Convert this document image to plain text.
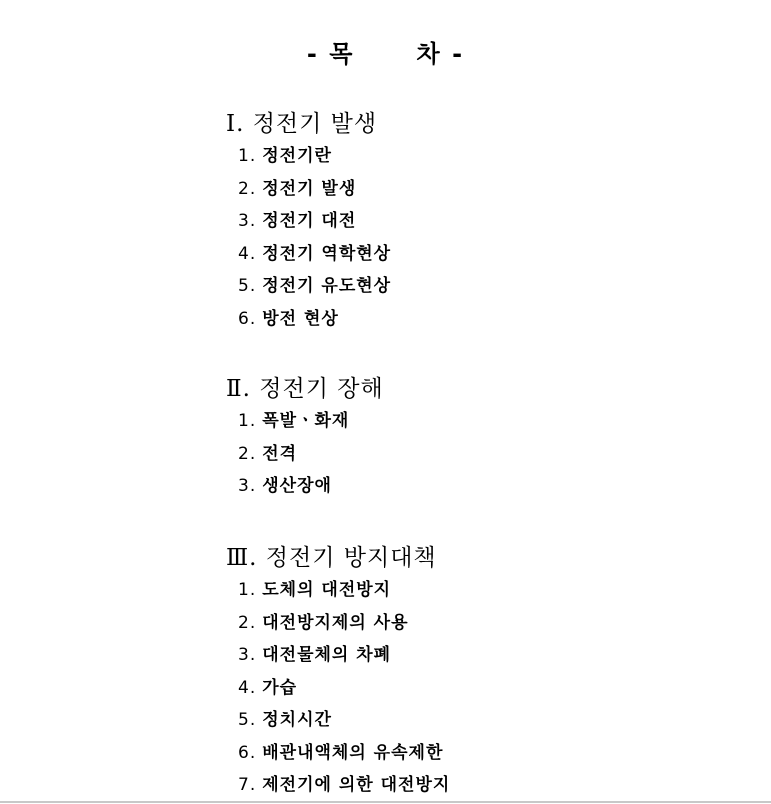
- 목      차 -
Ⅰ. 정전기 발생
1. 정전기란
2. 정전기 발생
3. 정전기 대전
4. 정전기 역학현상
5. 정전기 유도현상
6. 방전 현상
Ⅱ. 정전기 장해
1. 폭발ㆍ화재
2. 전격
3. 생산장애
Ⅲ. 정전기 방지대책
1. 도체의 대전방지
2. 대전방지제의 사용
3. 대전물체의 차폐
4. 가습
5. 정치시간
6. 배관내액체의 유속제한
7. 제전기에 의한 대전방지
